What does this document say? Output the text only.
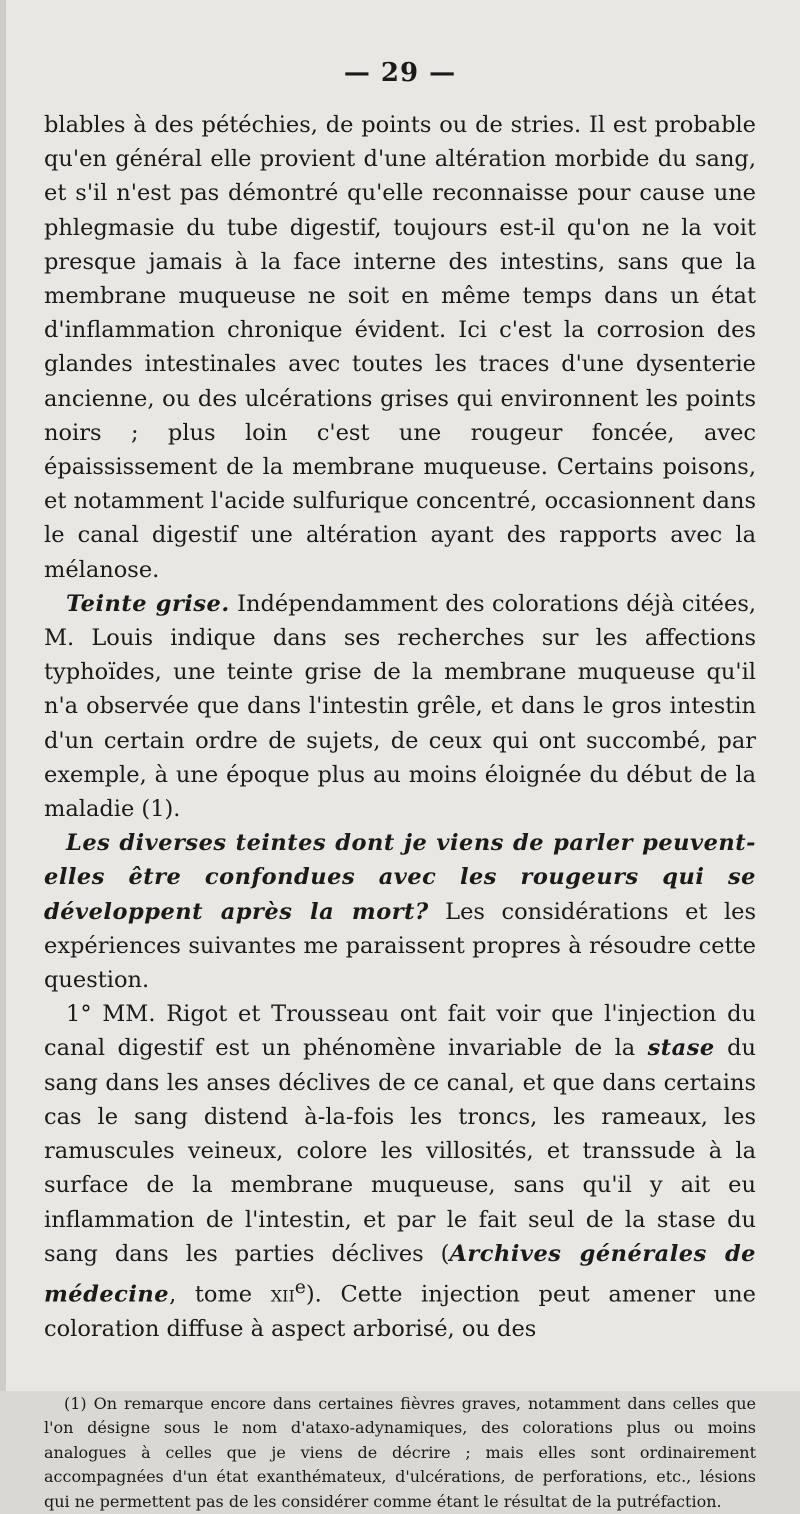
— 29 —

blables à des pétéchies, de points ou de stries. Il est probable qu'en général elle provient d'une altération morbide du sang, et s'il n'est pas démontré qu'elle reconnaisse pour cause une phlegmasie du tube digestif, toujours est-il qu'on ne la voit presque jamais à la face interne des intestins, sans que la membrane muqueuse ne soit en même temps dans un état d'inflammation chronique évident. Ici c'est la corrosion des glandes intestinales avec toutes les traces d'une dysenterie ancienne, ou des ulcérations grises qui environnent les points noirs ; plus loin c'est une rougeur foncée, avec épaississement de la membrane muqueuse. Certains poisons, et notamment l'acide sulfurique concentré, occasionnent dans le canal digestif une altération ayant des rapports avec la mélanose.

Teinte grise. Indépendamment des colorations déjà citées, M. Louis indique dans ses recherches sur les affections typhoïdes, une teinte grise de la membrane muqueuse qu'il n'a observée que dans l'intestin grêle, et dans le gros intestin d'un certain ordre de sujets, de ceux qui ont succombé, par exemple, à une époque plus au moins éloignée du début de la maladie (1).

Les diverses teintes dont je viens de parler peuvent-elles être confondues avec les rougeurs qui se développent après la mort? Les considérations et les expériences suivantes me paraissent propres à résoudre cette question.

1° MM. Rigot et Trousseau ont fait voir que l'injection du canal digestif est un phénomène invariable de la stase du sang dans les anses déclives de ce canal, et que dans certains cas le sang distend à-la-fois les troncs, les rameaux, les ramuscules veineux, colore les villosités, et transsude à la surface de la membrane muqueuse, sans qu'il y ait eu inflammation de l'intestin, et par le fait seul de la stase du sang dans les parties déclives (Archives générales de médecine, tome xii$^e$). Cette injection peut amener une coloration diffuse à aspect arborisé, ou des

(1) On remarque encore dans certaines fièvres graves, notamment dans celles que l'on désigne sous le nom d'ataxo-adynamiques, des colorations plus ou moins analogues à celles que je viens de décrire ; mais elles sont ordinairement accompagnées d'un état exanthémateux, d'ulcérations, de perforations, etc., lésions qui ne permettent pas de les considérer comme étant le résultat de la putréfaction.
